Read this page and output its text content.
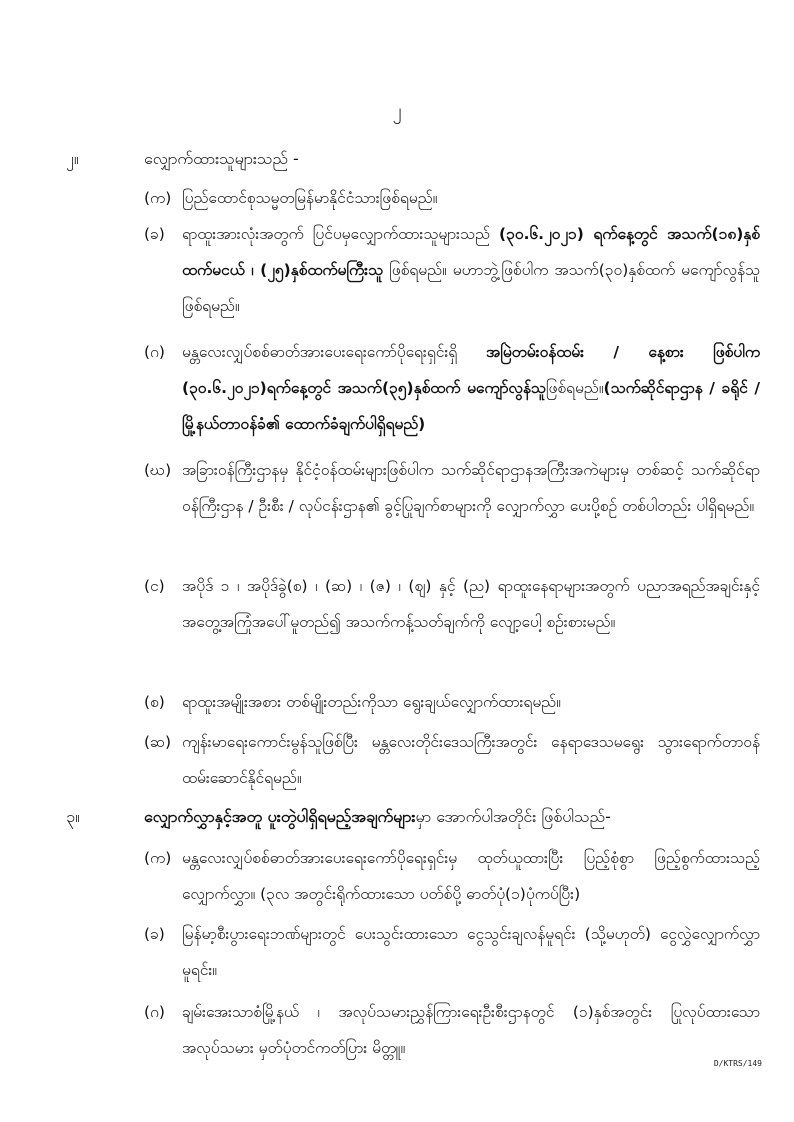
၂
၂။	လျှောက်ထားသူများသည် -
(က) ပြည်ထောင်စုသမ္မတမြန်မာနိုင်ငံသားဖြစ်ရမည်။
(ခ)	ရာထူးအားလုံးအတွက် ပြင်ပမှလျှောက်ထားသူများသည် (၃၀.၆.၂၀၂၁) ရက်နေ့တွင် အသက်(၁၈)နှစ်ထက်မငယ် ၊ (၂၅)နှစ်ထက်မကြီးသူ ဖြစ်ရမည်။ မဟာဘွဲ့ဖြစ်ပါက အသက်(၃၀)နှစ်ထက် မကျော်လွန်သူ ဖြစ်ရမည်။
(ဂ)	မန္တလေးလျှပ်စစ်ဓာတ်အားပေးရေးကော်ပိုရေးရှင်းရှိ အမြဲတမ်းဝန်ထမ်း / နေ့စား ဖြစ်ပါက (၃၀.၆.၂၀၂၁)ရက်နေ့တွင် အသက်(၃၅)နှစ်ထက် မကျော်လွန်သူဖြစ်ရမည်။(သက်ဆိုင်ရာဌာန / ခရိုင် / မြို့နယ်တာဝန်ခံ၏ ထောက်ခံချက်ပါရှိရမည်)
(ဃ) အခြားဝန်ကြီးဌာနမှ နိုင်ငံ့ဝန်ထမ်းများဖြစ်ပါက သက်ဆိုင်ရာဌာနအကြီးအကဲများမှ တစ်ဆင့် သက်ဆိုင်ရာ ဝန်ကြီးဌာန / ဦးစီး / လုပ်ငန်းဌာန၏ ခွင့်ပြုချက်စာများကို လျှောက်လွှာ ပေးပို့စဉ် တစ်ပါတည်း ပါရှိရမည်။
(င)	အပိုဒ် ၁ ၊ အပိုဒ်ခွဲ(စ) ၊ (ဆ) ၊ (ဇ) ၊ (ဈ) နှင့် (ည) ရာထူးနေရာများအတွက် ပညာအရည်အချင်းနှင့် အတွေ့အကြုံအပေါ်မူတည်၍ အသက်ကန့်သတ်ချက်ကို လျော့ပေါ့ စဉ်းစားမည်။
(စ)	ရာထူးအမျိုးအစား တစ်မျိုးတည်းကိုသာ ရွေးချယ်လျှောက်ထားရမည်။
(ဆ) ကျန်းမာရေးကောင်းမွန်သူဖြစ်ပြီး မန္တလေးတိုင်းဒေသကြီးအတွင်း နေရာဒေသမရွေး သွားရောက်တာဝန် ထမ်းဆောင်နိုင်ရမည်။
၃။	လျှောက်လွှာနှင့်အတူ ပူးတွဲပါရှိရမည့်အချက်များမှာ အောက်ပါအတိုင်း ဖြစ်ပါသည်-
(က) မန္တလေးလျှပ်စစ်ဓာတ်အားပေးရေးကော်ပိုရေးရှင်းမှ ထုတ်ယူထားပြီး ပြည့်စုံစွာ ဖြည့်စွက်ထားသည့် လျှောက်လွှာ။ (၃လ အတွင်းရိုက်ထားသော ပတ်စ်ပို့ ဓာတ်ပုံ(၁)ပုံကပ်ပြီး)
(ခ)	မြန်မာ့စီးပွားရေးဘဏ်များတွင် ပေးသွင်းထားသော ငွေသွင်းချလန်မူရင်း (သို့မဟုတ်) ငွေလွှဲလျှောက်လွှာမူရင်း။
(ဂ)	ချမ်းအေးသာစံမြို့နယ် ၊ အလုပ်သမားညွှန်ကြားရေးဦးစီးဌာနတွင် (၁)နှစ်အတွင်း ပြုလုပ်ထားသော အလုပ်သမား မှတ်ပုံတင်ကတ်ပြား မိတ္တူ။
D/KTRS/149
